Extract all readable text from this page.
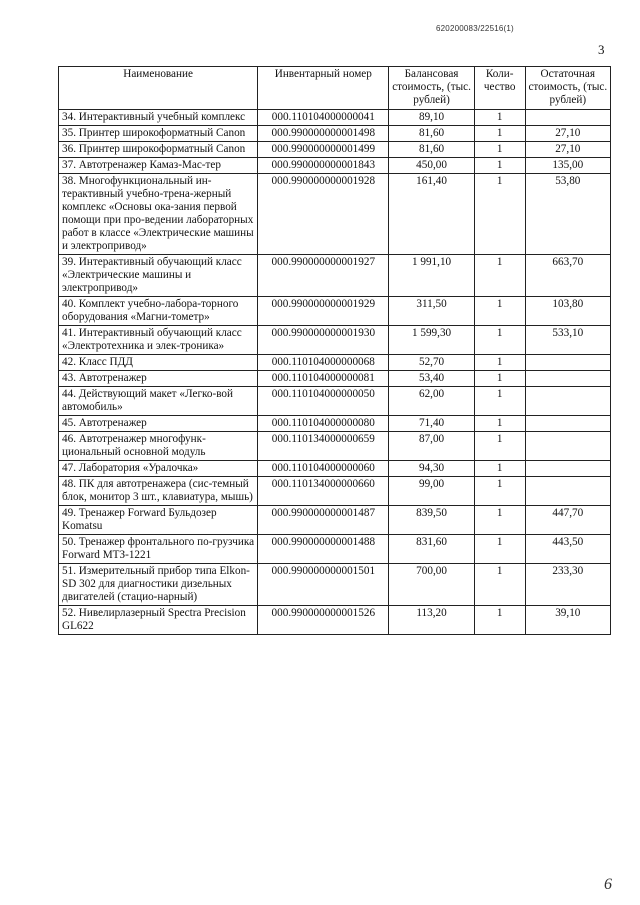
620200083/22516(1)
3
Наименование	Инвентарный номер	Балансовая стоимость, (тыс. рублей)	Коли-чество	Остаточная стоимость, (тыс. рублей)
34. Интерактивный учебный комплекс	000.110104000000041	89,10	1	
35. Принтер широкоформатный Canon	000.990000000001498	81,60	1	27,10
36. Принтер широкоформатный Canon	000.990000000001499	81,60	1	27,10
37. Автотренажер Камаз-Мас-тер	000.990000000001843	450,00	1	135,00
38. Многофункциональный ин-терактивный учебно-трена-жерный комплекс «Основы ока-зания первой помощи при про-ведении лабораторных работ в классе «Электрические машины и электропривод»	000.990000000001928	161,40	1	53,80
39. Интерактивный обучающий класс «Электрические машины и электропривод»	000.990000000001927	1 991,10	1	663,70
40. Комплект учебно-лабора-торного оборудования «Магни-тометр»	000.990000000001929	311,50	1	103,80
41. Интерактивный обучающий класс «Электротехника и элек-троника»	000.990000000001930	1 599,30	1	533,10
42. Класс ПДД	000.110104000000068	52,70	1	
43. Автотренажер	000.110104000000081	53,40	1	
44. Действующий макет «Легко-вой автомобиль»	000.110104000000050	62,00	1	
45. Автотренажер	000.110104000000080	71,40	1	
46. Автотренажер многофунк-циональный основной модуль	000.110134000000659	87,00	1	
47. Лаборатория «Уралочка»	000.110104000000060	94,30	1	
48. ПК для автотренажера (сис-темный блок, монитор 3 шт., клавиатура, мышь)	000.110134000000660	99,00	1	
49. Тренажер Forward Бульдозер Komatsu	000.990000000001487	839,50	1	447,70
50. Тренажер фронтального по-грузчика Forward МТЗ-1221	000.990000000001488	831,60	1	443,50
51. Измерительный прибор типа Elkon-SD 302 для диагностики дизельных двигателей (стацио-нарный)	000.990000000001501	700,00	1	233,30
52. Нивелирлазерный Spectra Precision GL622	000.990000000001526	113,20	1	39,10
6
